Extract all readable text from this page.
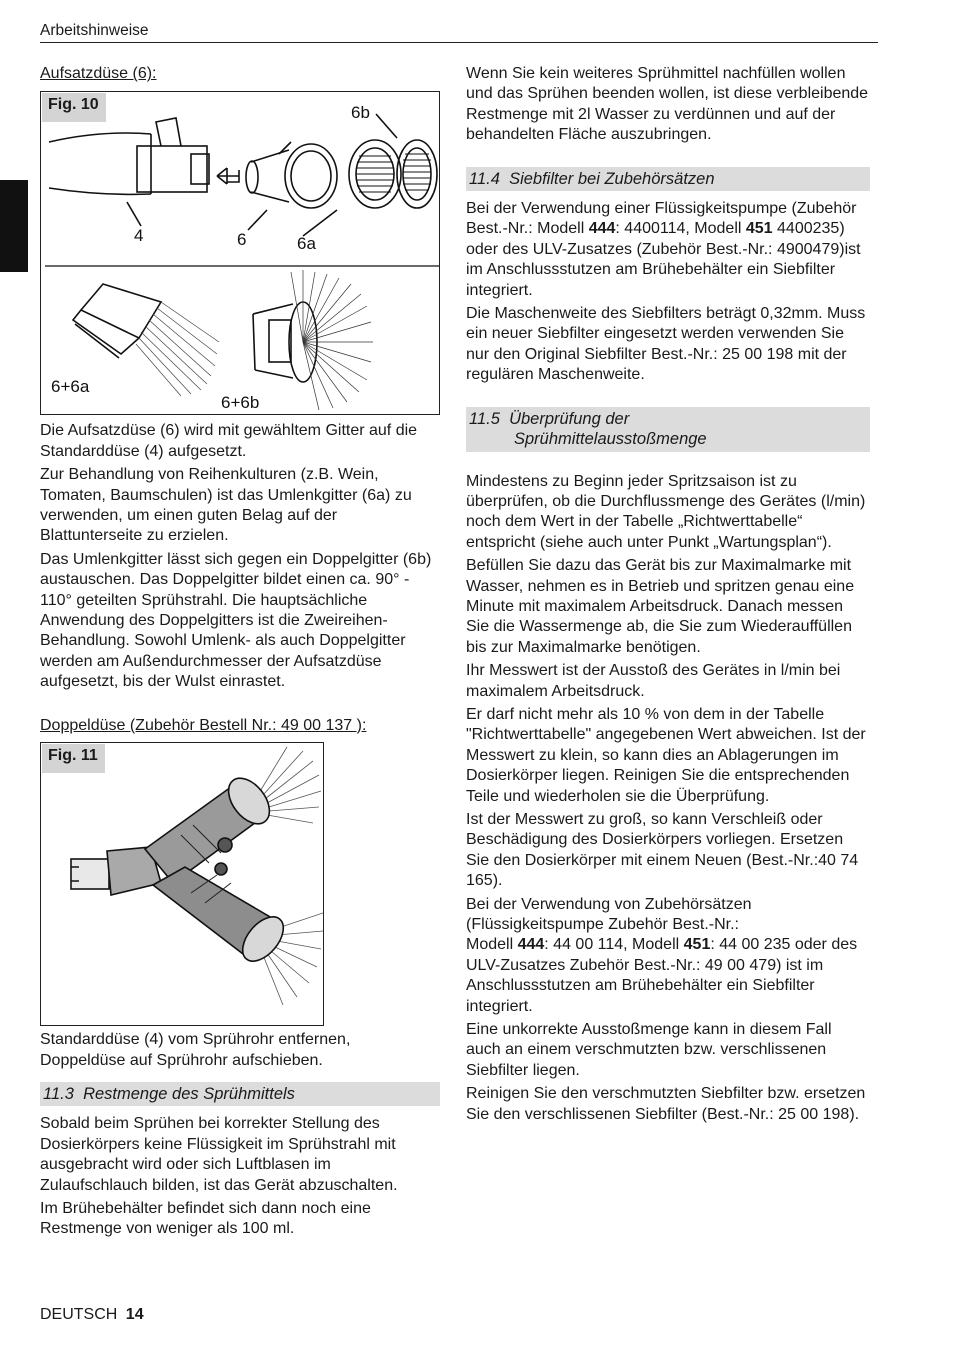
Arbeitshinweise

Aufsatzdüse (6):

6b
4	6	6a
6+6a
6+6b
Fig. 10

Die Aufsatzdüse (6) wird mit gewähltem Gitter auf die Standarddüse (4) aufgesetzt.

Zur Behandlung von Reihenkulturen (z.B. Wein, Tomaten, Baumschulen) ist das Umlenkgitter (6a) zu verwenden, um einen guten Belag auf der Blattunterseite zu erzielen.

Das Umlenkgitter lässt sich gegen ein Doppelgitter (6b) austauschen. Das Doppelgitter bildet einen ca. 90° - 110° geteilten Sprühstrahl. Die hauptsächliche Anwendung des Doppelgitters ist die Zweireihen-Behandlung. Sowohl Umlenk- als auch Doppelgitter werden am Außendurchmesser der Aufsatzdüse aufgesetzt, bis der Wulst einrastet.

Doppeldüse (Zubehör Bestell Nr.: 49 00 137 ):

Fig. 11

Standarddüse (4) vom Sprührohr entfernen, Doppeldüse auf Sprührohr aufschieben.

11.3 Restmenge des Sprühmittels

Sobald beim Sprühen bei korrekter Stellung des Dosierkörpers keine Flüssigkeit im Sprühstrahl mit ausgebracht wird oder sich Luftblasen im Zulaufschlauch bilden, ist das Gerät abzuschalten.

Im Brühebehälter befindet sich dann noch eine Restmenge von weniger als 100 ml.

Wenn Sie kein weiteres Sprühmittel nachfüllen wollen und das Sprühen beenden wollen, ist diese verbleibende Restmenge mit 2l Wasser zu verdünnen und auf der behandelten Fläche auszubringen.

11.4 Siebfilter bei Zubehörsätzen

Bei der Verwendung einer Flüssigkeitspumpe (Zubehör Best.-Nr.: Modell 444: 4400114, Modell 451 4400235) oder des ULV-Zusatzes (Zubehör Best.-Nr.: 4900479)ist im Anschlussstutzen am Brühebehälter ein Siebfilter integriert.

Die Maschenweite des Siebfilters beträgt 0,32mm. Muss ein neuer Siebfilter eingesetzt werden verwenden Sie nur den Original Siebfilter Best.-Nr.: 25 00 198 mit der regulären Maschenweite.

11.5 Überprüfung der
Sprühmittelausstoßmenge

Mindestens zu Beginn jeder Spritzsaison ist zu überprüfen, ob die Durchflussmenge des Gerätes (l/min) noch dem Wert in der Tabelle „Richtwerttabelle“ entspricht (siehe auch unter Punkt „Wartungsplan“).

Befüllen Sie dazu das Gerät bis zur Maximalmarke mit Wasser, nehmen es in Betrieb und spritzen genau eine Minute mit maximalem Arbeitsdruck. Danach messen Sie die Wassermenge ab, die Sie zum Wiederauffüllen bis zur Maximalmarke benötigen.

Ihr Messwert ist der Ausstoß des Gerätes in l/min bei maximalem Arbeitsdruck.

Er darf nicht mehr als 10 % von dem in der Tabelle "Richtwerttabelle" angegebenen Wert abweichen. Ist der Messwert zu klein, so kann dies an Ablagerungen im Dosierkörper liegen. Reinigen Sie die entsprechenden Teile und wiederholen sie die Überprüfung.

Ist der Messwert zu groß, so kann Verschleiß oder Beschädigung des Dosierkörpers vorliegen. Ersetzen Sie den Dosierkörper mit einem Neuen (Best.-Nr.:40 74 165).

Bei der Verwendung von Zubehörsätzen (Flüssigkeitspumpe Zubehör Best.-Nr.:
Modell 444: 44 00 114, Modell 451: 44 00 235 oder des ULV-Zusatzes Zubehör Best.-Nr.: 49 00 479) ist im Anschlussstutzen am Brühebehälter ein Siebfilter integriert.

Eine unkorrekte Ausstoßmenge kann in diesem Fall auch an einem verschmutzten bzw. verschlissenen Siebfilter liegen.

Reinigen Sie den verschmutzten Siebfilter bzw. ersetzen Sie den verschlissenen Siebfilter (Best.-Nr.: 25 00 198).

DEUTSCH 14
